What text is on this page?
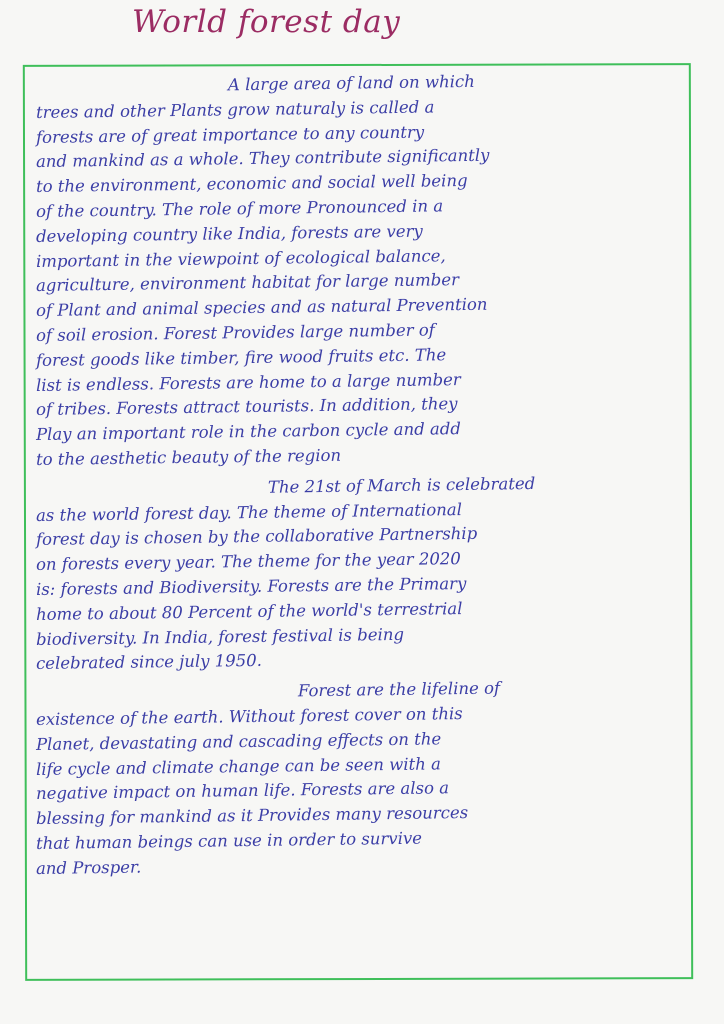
World forest day
A large area of land on which
trees and other Plants grow naturaly is called a
forests are of great importance to any country
and mankind as a whole. They contribute significantly
to the environment, economic and social well being
of the country. The role of more Pronounced in a
developing country like India, forests are very
important in the viewpoint of ecological balance,
agriculture, environment habitat for large number
of Plant and animal species and as natural Prevention
of soil erosion. Forest Provides large number of
forest goods like timber, fire wood fruits etc. The
list is endless. Forests are home to a large number
of tribes. Forests attract tourists. In addition, they
Play an important role in the carbon cycle and add
to the aesthetic beauty of the region
The 21st of March is celebrated
as the world forest day. The theme of International
forest day is chosen by the collaborative Partnership
on forests every year. The theme for the year 2020
is: forests and Biodiversity. Forests are the Primary
home to about 80 Percent of the world's terrestrial
biodiversity. In India, forest festival is being
celebrated since july 1950.
Forest are the lifeline of
existence of the earth. Without forest cover on this
Planet, devastating and cascading effects on the
life cycle and climate change can be seen with a
negative impact on human life. Forests are also a
blessing for mankind as it Provides many resources
that human beings can use in order to survive
and Prosper.
